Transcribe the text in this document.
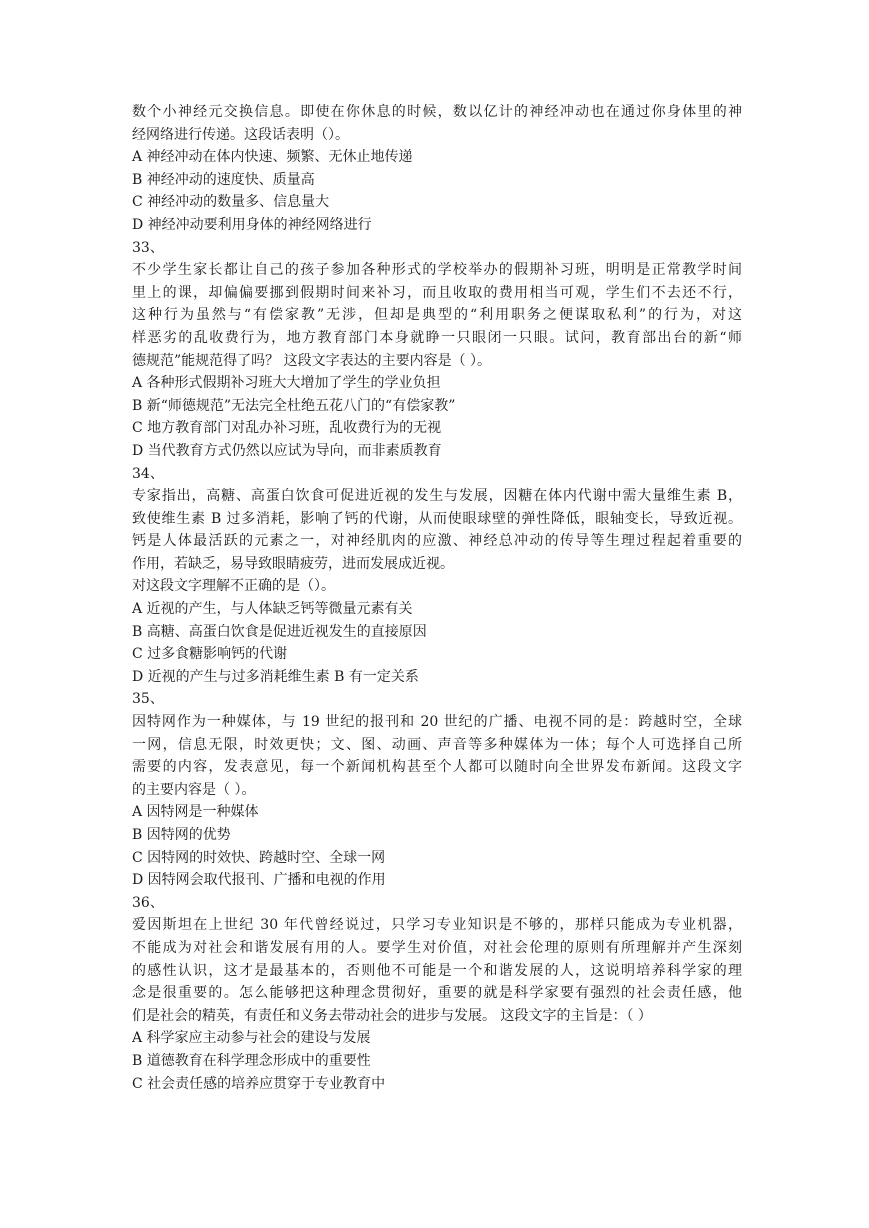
数个小神经元交换信息。即使在你休息的时候，数以亿计的神经冲动也在通过你身体里的神
经网络进行传递。这段话表明（）。
A 神经冲动在体内快速、频繁、无休止地传递
B 神经冲动的速度快、质量高
C 神经冲动的数量多、信息量大
D 神经冲动要利用身体的神经网络进行
33、
不少学生家长都让自己的孩子参加各种形式的学校举办的假期补习班，明明是正常教学时间
里上的课，却偏偏要挪到假期时间来补习，而且收取的费用相当可观，学生们不去还不行，
这种行为虽然与“有偿家教”无涉，但却是典型的“利用职务之便谋取私利”的行为，对这
样恶劣的乱收费行为，地方教育部门本身就睁一只眼闭一只眼。试问，教育部出台的新“师
德规范”能规范得了吗？ 这段文字表达的主要内容是（ ）。
A 各种形式假期补习班大大增加了学生的学业负担
B 新“师德规范”无法完全杜绝五花八门的“有偿家教”
C 地方教育部门对乱办补习班，乱收费行为的无视
D 当代教育方式仍然以应试为导向，而非素质教育
34、
专家指出，高糖、高蛋白饮食可促进近视的发生与发展，因糖在体内代谢中需大量维生素 B，
致使维生素 B 过多消耗，影响了钙的代谢，从而使眼球壁的弹性降低，眼轴变长，导致近视。
钙是人体最活跃的元素之一，对神经肌肉的应激、神经总冲动的传导等生理过程起着重要的
作用，若缺乏，易导致眼睛疲劳，进而发展成近视。
对这段文字理解不正确的是（）。
A 近视的产生，与人体缺乏钙等微量元素有关
B 高糖、高蛋白饮食是促进近视发生的直接原因
C 过多食糖影响钙的代谢
D 近视的产生与过多消耗维生素 B 有一定关系
35、
因特网作为一种媒体，与 19 世纪的报刊和 20 世纪的广播、电视不同的是：跨越时空，全球
一网，信息无限，时效更快；文、图、动画、声音等多种媒体为一体；每个人可选择自己所
需要的内容，发表意见，每一个新闻机构甚至个人都可以随时向全世界发布新闻。这段文字
的主要内容是（ ）。
A 因特网是一种媒体
B 因特网的优势
C 因特网的时效快、跨越时空、全球一网
D 因特网会取代报刊、广播和电视的作用
36、
爱因斯坦在上世纪 30 年代曾经说过，只学习专业知识是不够的，那样只能成为专业机器，
不能成为对社会和谐发展有用的人。要学生对价值，对社会伦理的原则有所理解并产生深刻
的感性认识，这才是最基本的，否则他不可能是一个和谐发展的人，这说明培养科学家的理
念是很重要的。怎么能够把这种理念贯彻好，重要的就是科学家要有强烈的社会责任感，他
们是社会的精英，有责任和义务去带动社会的进步与发展。 这段文字的主旨是：（ ）
A 科学家应主动参与社会的建设与发展
B 道德教育在科学理念形成中的重要性
C 社会责任感的培养应贯穿于专业教育中
